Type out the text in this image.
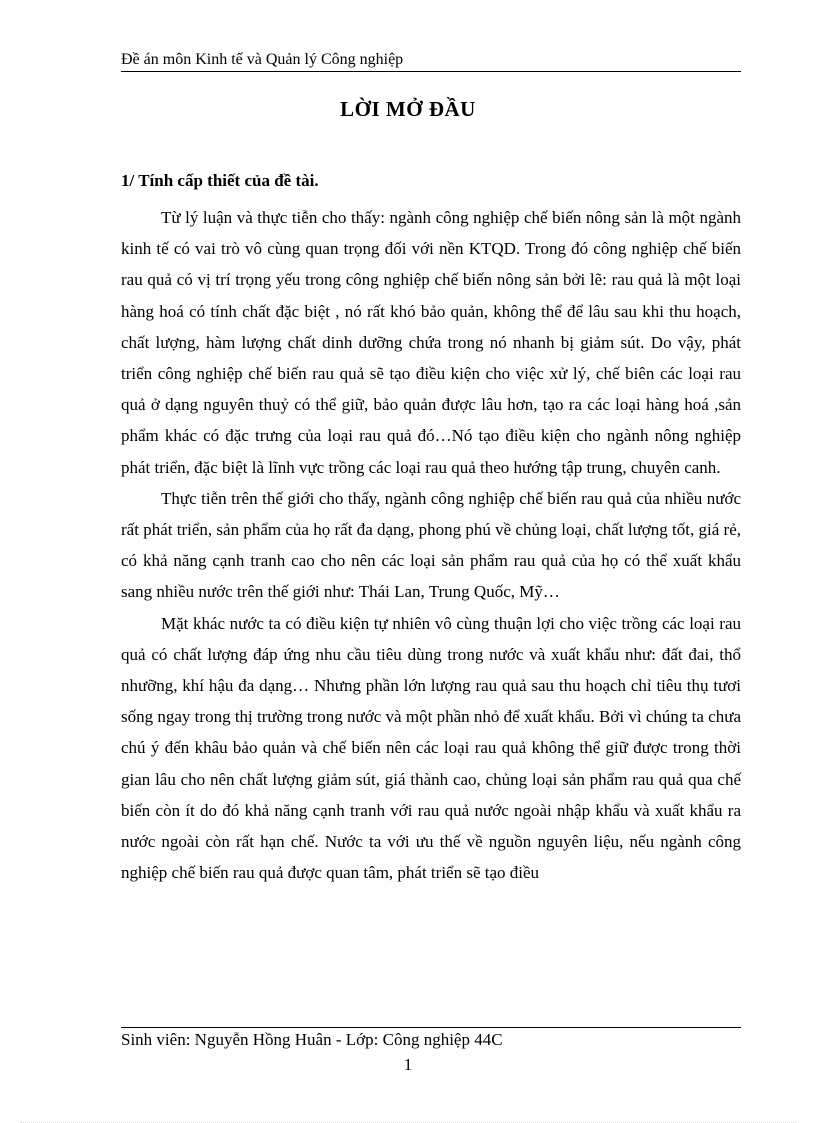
Đề án môn Kinh tế và Quản lý Công nghiệp
LỜI MỞ ĐẦU
1/ Tính cấp thiết của đề tài.

Từ lý luận và thực tiễn cho thấy: ngành công nghiệp chế biến nông sản là một ngành kinh tế có vai trò vô cùng quan trọng đối với nền KTQD. Trong đó công nghiệp chế biến rau quả có vị trí trọng yếu trong công nghiệp chế biến nông sản bởi lẽ: rau quả là một loại hàng hoá có tính chất đặc biệt , nó rất khó bảo quản, không thể để lâu sau khi thu hoạch, chất lượng, hàm lượng chất dinh dưỡng chứa trong nó nhanh bị giảm sút. Do vậy, phát triển công nghiệp chế biến rau quả sẽ tạo điều kiện cho việc xử lý, chế biên các loại rau quả ở dạng nguyên thuỷ có thể giữ, bảo quản được lâu hơn, tạo ra các loại hàng hoá ,sản phẩm khác có đặc trưng của loại rau quả đó…Nó tạo điều kiện cho ngành nông nghiệp phát triển, đặc biệt là lĩnh vực trồng các loại rau quả theo hướng tập trung, chuyên canh.

Thực tiễn trên thế giới cho thấy, ngành công nghiệp chế biến rau quả của nhiều nước rất phát triển, sản phẩm của họ rất đa dạng, phong phú về chủng loại, chất lượng tốt, giá rẻ, có khả năng cạnh tranh cao cho nên các loại sản phẩm rau quả của họ có thể xuất khẩu sang nhiều nước trên thế giới như: Thái Lan, Trung Quốc, Mỹ…

Mặt khác nước ta có điều kiện tự nhiên vô cùng thuận lợi cho việc trồng các loại rau quả có chất lượng đáp ứng nhu cầu tiêu dùng trong nước và xuất khẩu như: đất đai, thổ nhưỡng, khí hậu đa dạng… Nhưng phần lớn lượng rau quả sau thu hoạch chỉ tiêu thụ tươi sống ngay trong thị trường trong nước và một phần nhỏ để xuất khẩu. Bởi vì chúng ta chưa chú ý đến khâu bảo quản và chế biến nên các loại rau quả không thể giữ được trong thời gian lâu cho nên chất lượng giảm sút, giá thành cao, chủng loại sản phẩm rau quả qua chế biến còn ít do đó khả năng cạnh tranh với rau quả nước ngoài nhập khẩu và xuất khẩu ra nước ngoài còn rất hạn chế. Nước ta với ưu thế về nguồn nguyên liệu, nếu ngành công nghiệp chế biến rau quả được quan tâm, phát triển sẽ tạo điều

Sinh viên: Nguyễn Hồng Huân - Lớp: Công nghiệp 44C
1
